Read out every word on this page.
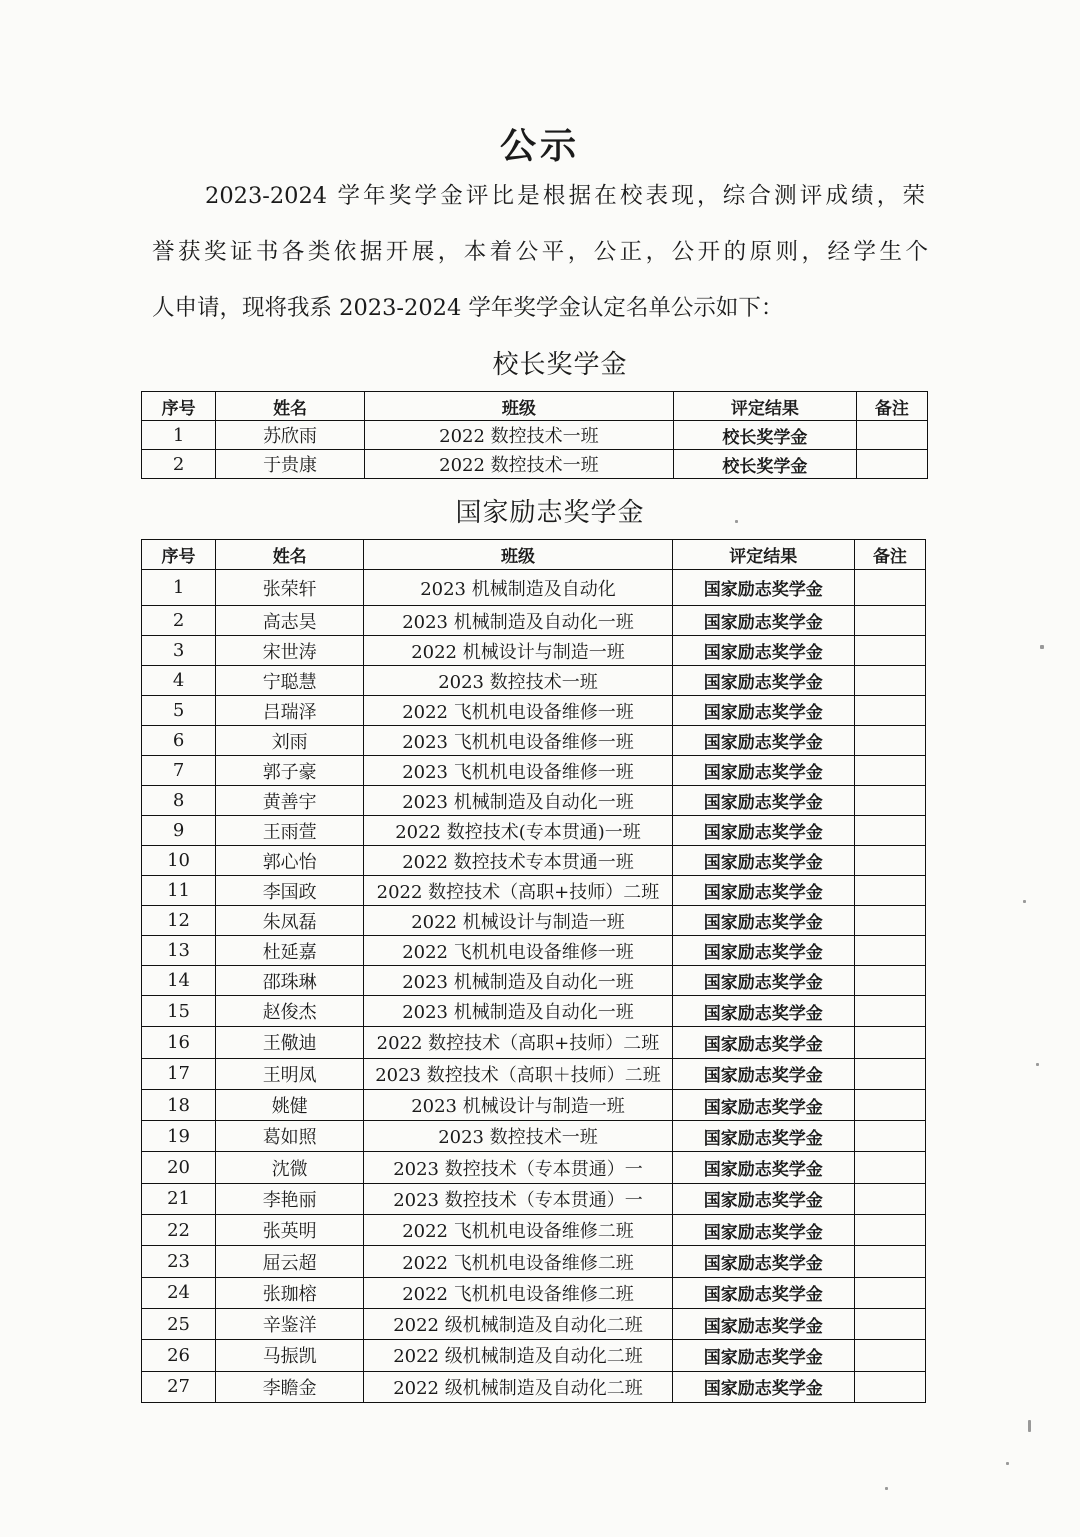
公示
2023-2024 学年奖学金评比是根据在校表现，综合测评成绩，荣
誉获奖证书各类依据开展，本着公平，公正，公开的原则，经学生个
人申请，现将我系 2023-2024 学年奖学金认定名单公示如下：
校长奖学金
序号	姓名	班级	评定结果	备注
1	苏欣雨	2022 数控技术一班	校长奖学金	
2	于贵康	2022 数控技术一班	校长奖学金	
国家励志奖学金
序号	姓名	班级	评定结果	备注
1	张荣轩	2023 机械制造及自动化	国家励志奖学金	
2	高志昊	2023 机械制造及自动化一班	国家励志奖学金	
3	宋世涛	2022 机械设计与制造一班	国家励志奖学金	
4	宁聪慧	2023 数控技术一班	国家励志奖学金	
5	吕瑞泽	2022 飞机机电设备维修一班	国家励志奖学金	
6	刘雨	2023 飞机机电设备维修一班	国家励志奖学金	
7	郭子豪	2023 飞机机电设备维修一班	国家励志奖学金	
8	黄善宇	2023 机械制造及自动化一班	国家励志奖学金	
9	王雨萱	2022 数控技术(专本贯通)一班	国家励志奖学金	
10	郭心怡	2022 数控技术专本贯通一班	国家励志奖学金	
11	李国政	2022 数控技术（高职+技师）二班	国家励志奖学金	
12	朱凤磊	2022 机械设计与制造一班	国家励志奖学金	
13	杜延嘉	2022 飞机机电设备维修一班	国家励志奖学金	
14	邵珠琳	2023 机械制造及自动化一班	国家励志奖学金	
15	赵俊杰	2023 机械制造及自动化一班	国家励志奖学金	
16	王儆迪	2022 数控技术（高职+技师）二班	国家励志奖学金	
17	王明凤	2023 数控技术（高职＋技师）二班	国家励志奖学金	
18	姚健	2023 机械设计与制造一班	国家励志奖学金	
19	葛如照	2023 数控技术一班	国家励志奖学金	
20	沈微	2023 数控技术（专本贯通）一	国家励志奖学金	
21	李艳丽	2023 数控技术（专本贯通）一	国家励志奖学金	
22	张英明	2022 飞机机电设备维修二班	国家励志奖学金	
23	屈云超	2022 飞机机电设备维修二班	国家励志奖学金	
24	张珈榕	2022 飞机机电设备维修二班	国家励志奖学金	
25	辛鉴洋	2022 级机械制造及自动化二班	国家励志奖学金	
26	马振凯	2022 级机械制造及自动化二班	国家励志奖学金	
27	李瞻金	2022 级机械制造及自动化二班	国家励志奖学金	
